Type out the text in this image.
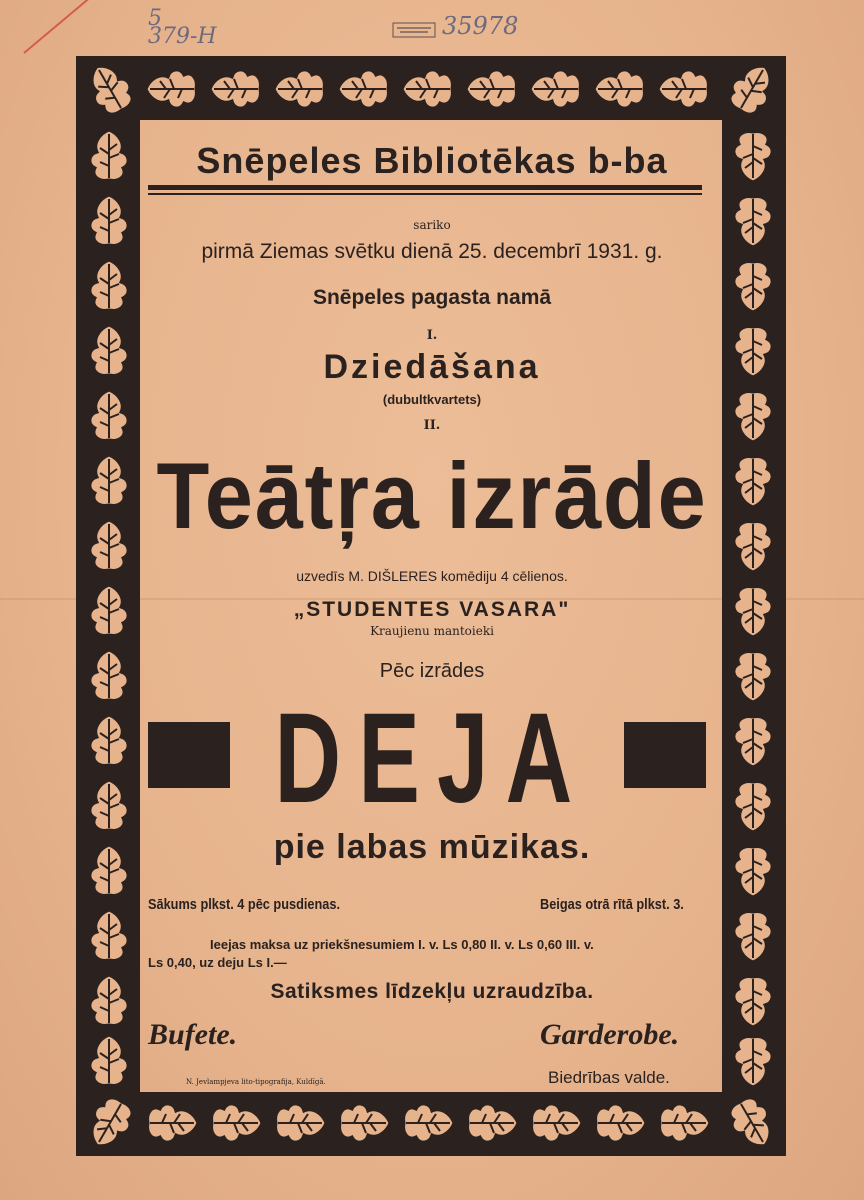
5
379-H	35978
Snēpeles Bibliotēkas b-ba
sariko
pirmā Ziemas svētku dienā 25. decembrī 1931. g.
Snēpeles pagasta namā
I.
Dziedāšana
(dubultkvartets)
II.
Teātŗa izrāde
uzvedīs M. DIŠLERES komēdiju 4 cēlienos.
„STUDENTES VASARA"
Kraujienu mantoieki
Pēc izrādes
DEJA
pie labas mūzikas.
Sākums plkst. 4 pēc pusdienas.	Beigas otrā rītā plkst. 3.
Ieejas maksa uz priekšnesumiem I. v. Ls 0,80 II. v. Ls 0,60 III. v.
Ls 0,40, uz deju Ls I.—
Satiksmes līdzekļu uzraudzība.
Bufete.	Garderobe.
N. Jevlampjeva lito-tipografija, Kuldīgā.	Biedrības valde.
